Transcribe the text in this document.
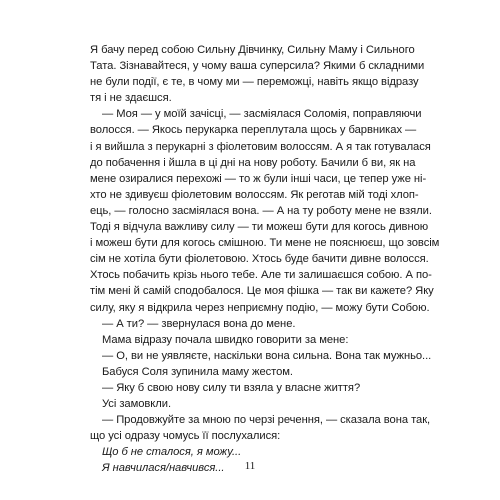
Я бачу перед собою Сильну Дівчинку, Сильну Маму і Сильного
Тата. Зізнавайтеся, у чому ваша суперсила? Якими б складними
не були події, є те, в чому ми — переможці, навіть якщо відразу
тя і не здаєшся.
— Моя — у моїй зачісці, — засміялася Соломія, поправляючи
волосся. — Якось перукарка переплутала щось у барвниках —
і я вийшла з перукарні з фіолетовим волоссям. А я так готувалася
до побачення і йшла в ці дні на нову роботу. Бачили б ви, як на
мене озиралися перехожі — то ж були іншi часи, це тепер уже ні-
хто не здивуєш фіолетовим волоссям. Як реготав мій тоді хлоп-
ець, — голосно засміялася вона. — А на ту роботу мене не взяли.
Тоді я відчула важливу силу — ти можеш бути для когось дивною
і можеш бути для когось смішною. Ти мене не пояснюєш, що зовсім
сім не хотіла бути фіолетовою. Хтось буде бачити дивне волосся.
Хтось побачить крізь нього тебе. Але ти залишаєшся собою. А по-
тім мені й самій сподобалося. Це моя фішка — так ви кажете? Яку
силу, яку я відкрила через неприємну подію, — можу бути Собою.
— А ти? — звернулася вона до мене.
Мама відразу почала швидко говорити за мене:
— О, ви не уявляєте, наскільки вона сильна. Вона так мужньо...
Бабуся Соля зупинила маму жестом.
— Яку б свою нову силу ти взяла у власне життя?
Усі замовкли.
— Продовжуйте за мною по черзі речення, — сказала вона так,
що усі одразу чомусь її послухалися:
Що б не сталося, я можу...
Я навчилася/навчився...	11
